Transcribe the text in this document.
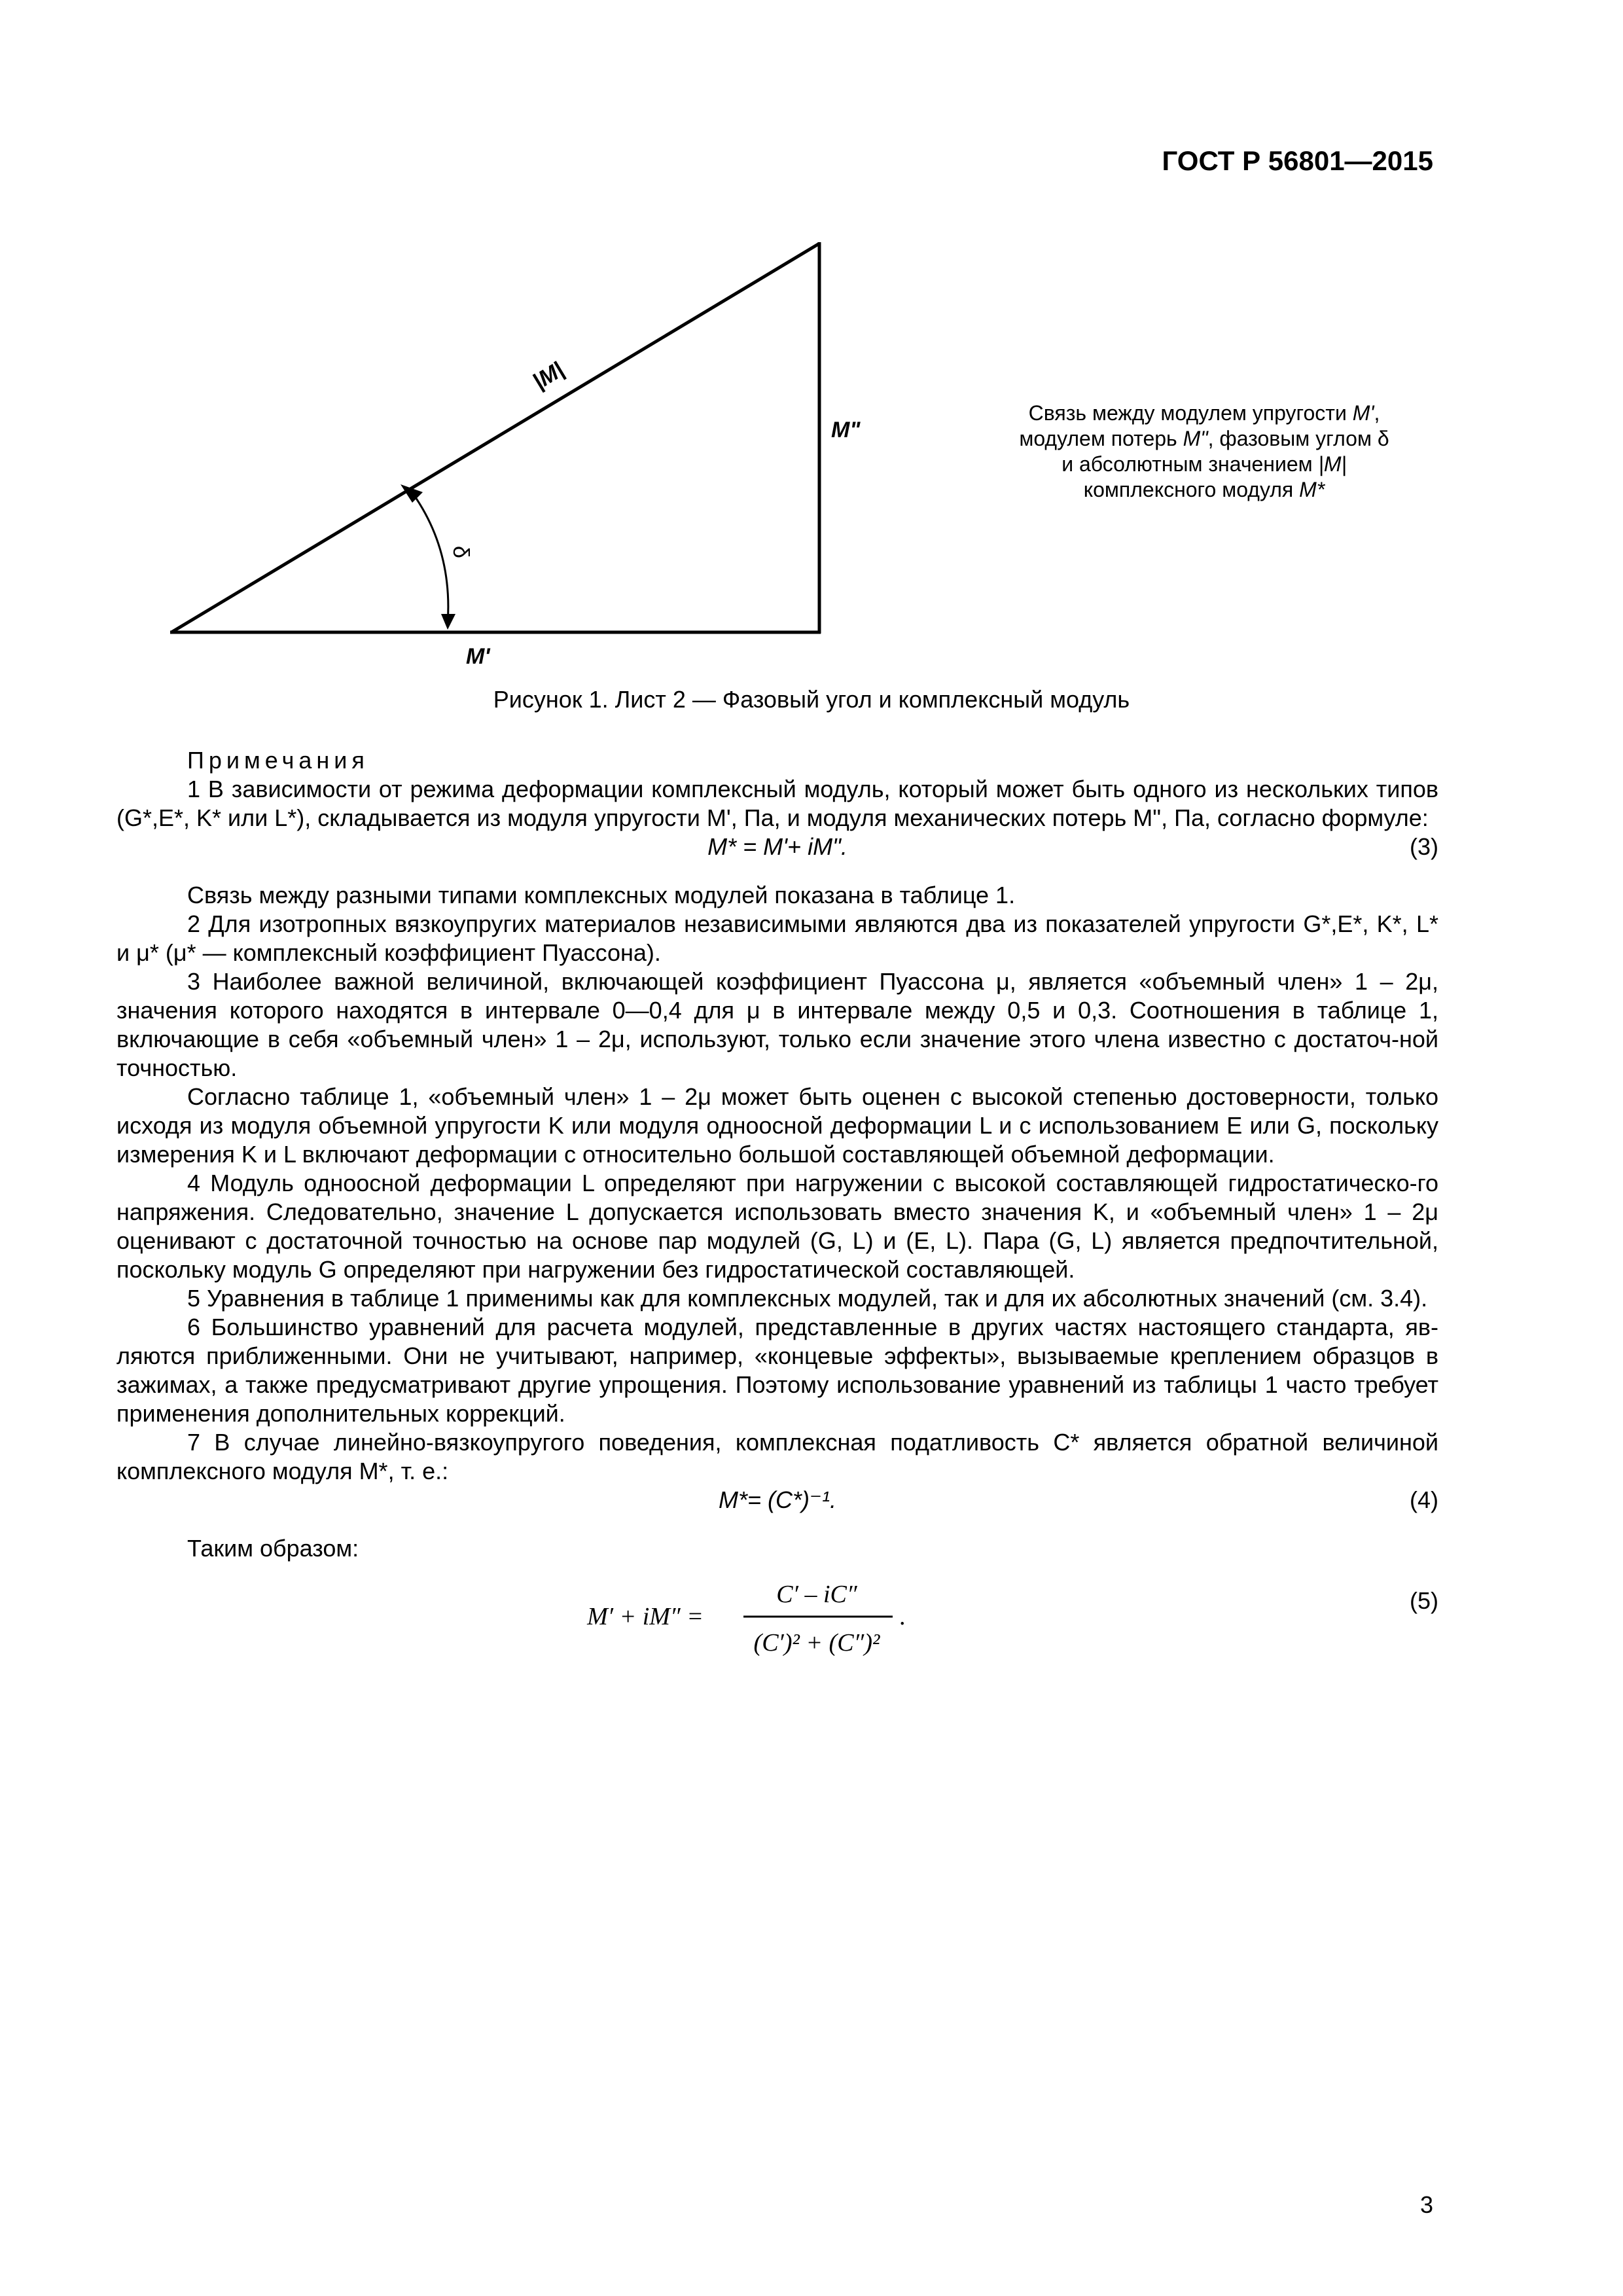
ГОСТ Р 56801—2015
|M|
M"
M'
δ
Связь между модулем упругости M',
модулем потерь M", фазовым углом δ
и абсолютным значением |M|
комплексного модуля M*
Рисунок 1. Лист 2 — Фазовый угол и комплексный модуль

Примечания

1 В зависимости от режима деформации комплексный модуль, который может быть одного из нескольких типов (G*,E*, K* или L*), складывается из модуля упругости M', Па, и модуля механических потерь M", Па, согласно формуле:

M* = M'+ iM".	(3)

Связь между разными типами комплексных модулей показана в таблице 1.

2 Для изотропных вязкоупругих материалов независимыми являются два из показателей упругости G*,E*, K*, L* и μ* (μ* — комплексный коэффициент Пуассона).

3 Наиболее важной величиной, включающей коэффициент Пуассона μ, является «объемный член» 1 – 2μ, значения которого находятся в интервале 0—0,4 для μ в интервале между 0,5 и 0,3. Соотношения в таблице 1, включающие в себя «объемный член» 1 – 2μ, используют, только если значение этого члена известно с достаточ-ной точностью.

Согласно таблице 1, «объемный член» 1 – 2μ может быть оценен с высокой степенью достоверности, только исходя из модуля объемной упругости K или модуля одноосной деформации L и с использованием E или G, поскольку измерения K и L включают деформации с относительно большой составляющей объемной деформации.

4 Модуль одноосной деформации L определяют при нагружении с высокой составляющей гидростатическо-го напряжения. Следовательно, значение L допускается использовать вместо значения K, и «объемный член» 1 – 2μ оценивают с достаточной точностью на основе пар модулей (G, L) и (E, L). Пара (G, L) является предпочтительной, поскольку модуль G определяют при нагружении без гидростатической составляющей.

5 Уравнения в таблице 1 применимы как для комплексных модулей, так и для их абсолютных значений (см. 3.4).

6 Большинство уравнений для расчета модулей, представленные в других частях настоящего стандарта, яв-ляются приближенными. Они не учитывают, например, «концевые эффекты», вызываемые креплением образцов в зажимах, а также предусматривают другие упрощения. Поэтому использование уравнений из таблицы 1 часто требует применения дополнительных коррекций.

7 В случае линейно-вязкоупругого поведения, комплексная податливость C* является обратной величиной комплексного модуля M*, т. е.:

M*= (C*)⁻¹.	(4)

Таким образом:

M′ + iM″ =
C′ – iC″
(C′)² + (C″)²
.
(5)
3
